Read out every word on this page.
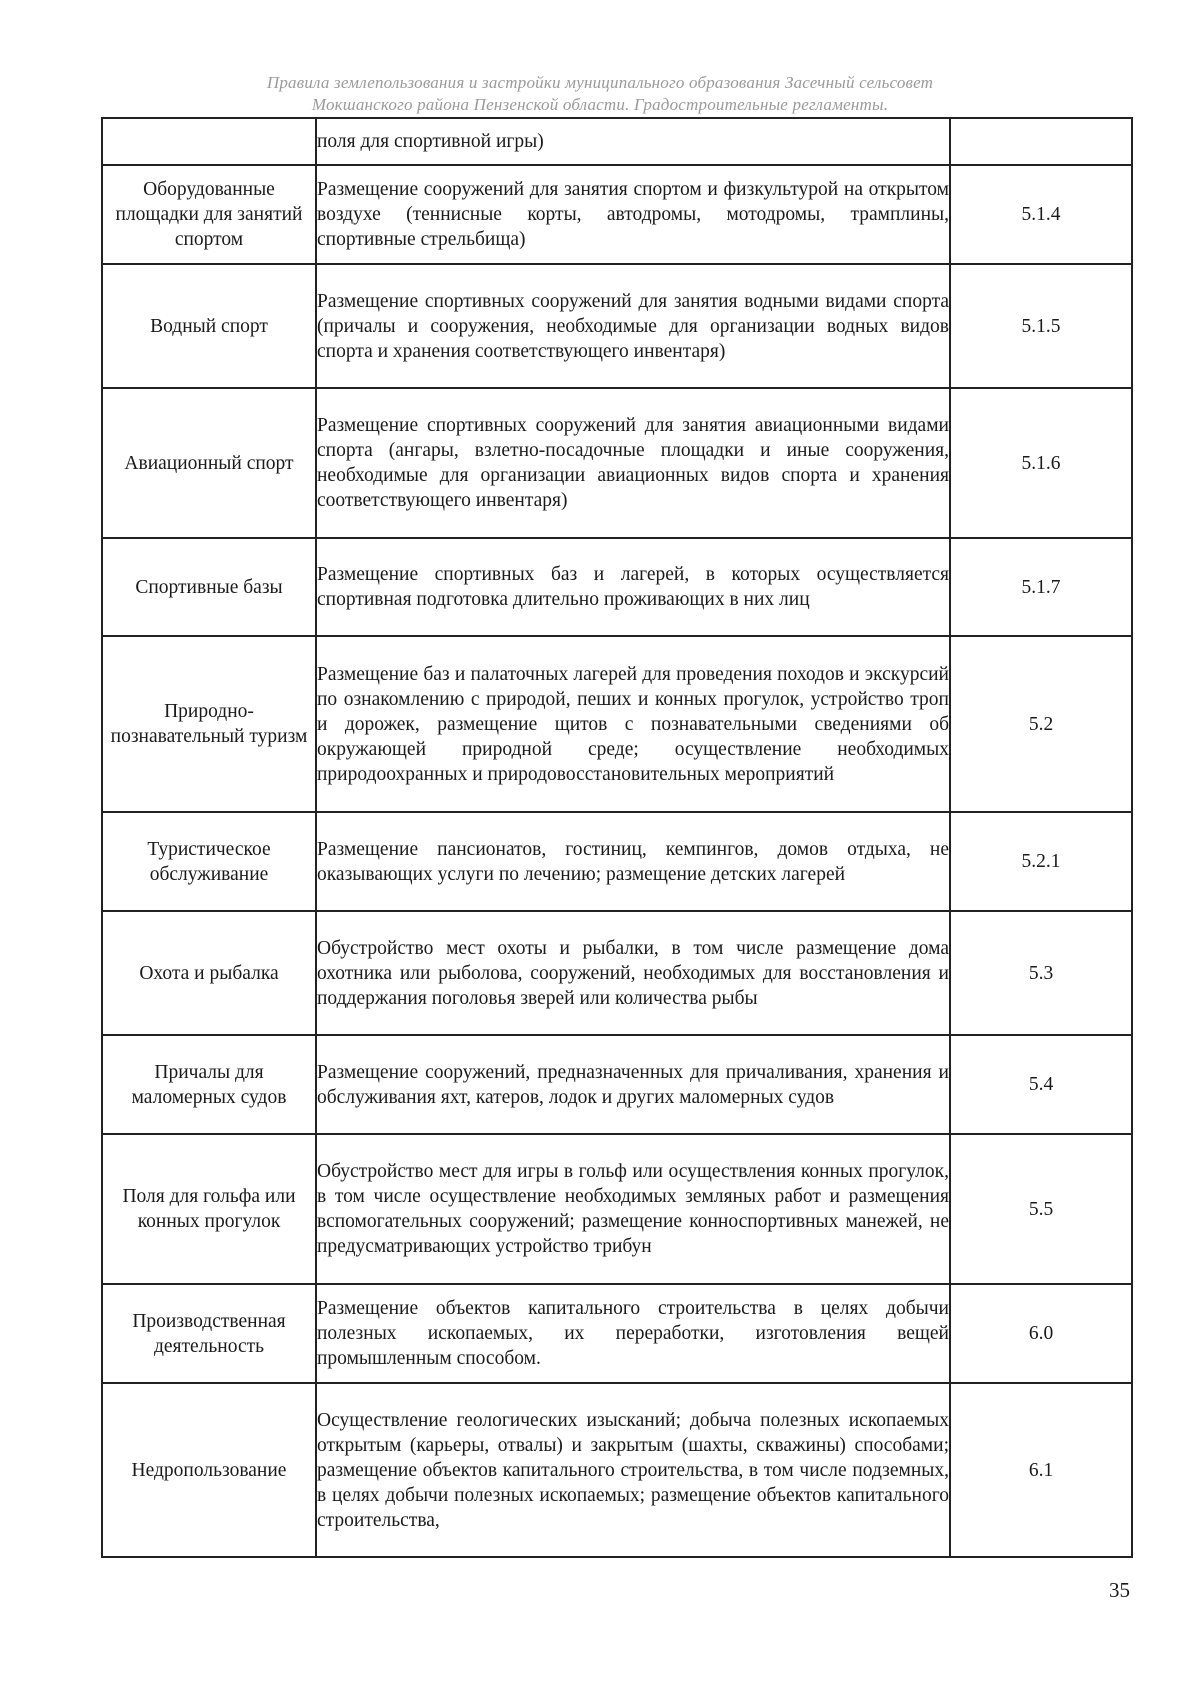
Правила землепользования и застройки муниципального образования Засечный сельсовет
Мокшанского района Пензенской области. Градостроительные регламенты.
	поля для спортивной игры)	
Оборудованные площадки для занятий спортом	Размещение сооружений для занятия спортом и физкультурой на открытом воздухе (теннисные корты, автодромы, мотодромы, трамплины, спортивные стрельбища)	5.1.4
Водный спорт	Размещение спортивных сооружений для занятия водными видами спорта (причалы и сооружения, необходимые для организации водных видов спорта и хранения соответствующего инвентаря)	5.1.5
Авиационный спорт	Размещение спортивных сооружений для занятия авиационными видами спорта (ангары, взлетно-посадочные площадки и иные сооружения, необходимые для организации авиационных видов спорта и хранения соответствующего инвентаря)	5.1.6
Спортивные базы	Размещение спортивных баз и лагерей, в которых осуществляется спортивная подготовка длительно проживающих в них лиц	5.1.7
Природно-познавательный туризм	Размещение баз и палаточных лагерей для проведения походов и экскурсий по ознакомлению с природой, пеших и конных прогулок, устройство троп и дорожек, размещение щитов с познавательными сведениями об окружающей природной среде; осуществление необходимых природоохранных и природовосстановительных мероприятий	5.2
Туристическое обслуживание	Размещение пансионатов, гостиниц, кемпингов, домов отдыха, не оказывающих услуги по лечению; размещение детских лагерей	5.2.1
Охота и рыбалка	Обустройство мест охоты и рыбалки, в том числе размещение дома охотника или рыболова, сооружений, необходимых для восстановления и поддержания поголовья зверей или количества рыбы	5.3
Причалы для маломерных судов	Размещение сооружений, предназначенных для причаливания, хранения и обслуживания яхт, катеров, лодок и других маломерных судов	5.4
Поля для гольфа или конных прогулок	Обустройство мест для игры в гольф или осуществления конных прогулок, в том числе осуществление необходимых земляных работ и размещения вспомогательных сооружений; размещение конноспортивных манежей, не предусматривающих устройство трибун	5.5
Производственная деятельность	Размещение объектов капитального строительства в целях добычи полезных ископаемых, их переработки, изготовления вещей промышленным способом.	6.0
Недропользование	Осуществление геологических изысканий; добыча полезных ископаемых открытым (карьеры, отвалы) и закрытым (шахты, скважины) способами; размещение объектов капитального строительства, в том числе подземных, в целях добычи полезных ископаемых; размещение объектов капитального строительства,	6.1
35
